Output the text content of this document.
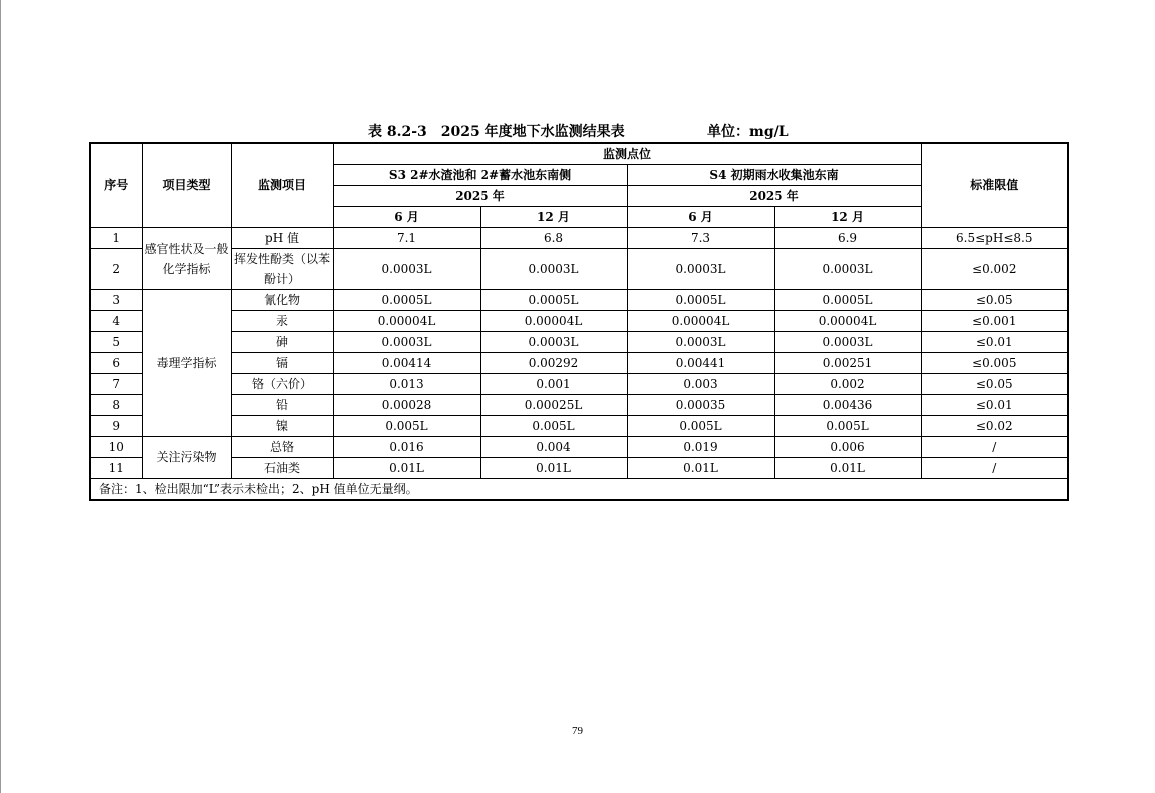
表 8.2-3　2025 年度地下水监测结果表	单位：mg/L
序号	项目类型	监测项目	监测点位				标准限值
			S3 2#水渣池和 2#蓄水池东南侧		S4 初期雨水收集池东南		
			2025 年		2025 年		
			6 月	12 月	6 月	12 月	
1	感官性状及一般化学指标	pH 值	7.1	6.8	7.3	6.9	6.5≤pH≤8.5
2		挥发性酚类（以苯酚计）	0.0003L	0.0003L	0.0003L	0.0003L	≤0.002
3	毒理学指标	氰化物	0.0005L	0.0005L	0.0005L	0.0005L	≤0.05
4		汞	0.00004L	0.00004L	0.00004L	0.00004L	≤0.001
5		砷	0.0003L	0.0003L	0.0003L	0.0003L	≤0.01
6		镉	0.00414	0.00292	0.00441	0.00251	≤0.005
7		铬（六价）	0.013	0.001	0.003	0.002	≤0.05
8		铅	0.00028	0.00025L	0.00035	0.00436	≤0.01
9		镍	0.005L	0.005L	0.005L	0.005L	≤0.02
10	关注污染物	总铬	0.016	0.004	0.019	0.006	/
11		石油类	0.01L	0.01L	0.01L	0.01L	/
备注：1、检出限加“L”表示未检出；2、pH 值单位无量纲。							
79
